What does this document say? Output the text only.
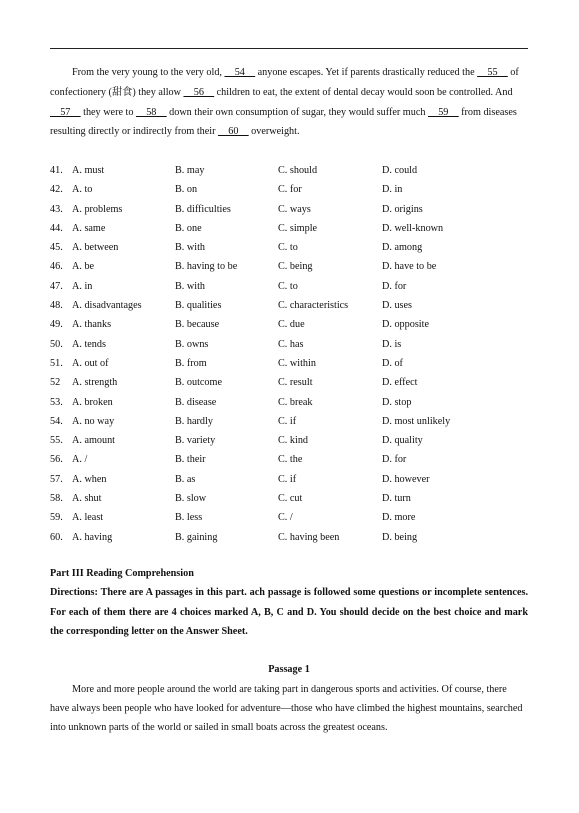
From the very young to the very old, __54__ anyone escapes. Yet if parents drastically reduced the __55__ of
confectionery (甜食) they allow __56__ children to eat, the extent of dental decay would soon be controlled. And
__57__ they were to __58__ down their own consumption of sugar, they would suffer much __59__ from diseases
resulting directly or indirectly from their __60__ overweight.
41. A. must	B. may	C. should	D. could
42. A. to	B. on	C. for	D. in
43. A. problems	B. difficulties	C. ways	D. origins
44. A. same	B. one	C. simple	D. well-known
45. A. between	B. with	C. to	D. among
46. A. be	B. having to be	C. being	D. have to be
47. A. in	B. with	C. to	D. for
48. A. disadvantages	B. qualities	C. characteristics	D. uses
49. A. thanks	B. because	C. due	D. opposite
50. A. tends	B. owns	C. has	D. is
51. A. out of	B. from	C. within	D. of
52 A. strength	B. outcome	C. result	D. effect
53. A. broken	B. disease	C. break	D. stop
54. A. no way	B. hardly	C. if	D. most unlikely
55. A. amount	B. variety	C. kind	D. quality
56. A. /	B. their	C. the	D. for
57. A. when	B. as	C. if	D. however
58. A. shut	B. slow	C. cut	D. turn
59. A. least	B. less	C. /	D. more
60. A. having	B. gaining	C. having been	D. being
Part III Reading Comprehension
Directions: There are A passages in this part. ach passage is followed some questions or incomplete sentences. For each of them there are 4 choices marked A, B, C and D. You should decide on the best choice and mark the corresponding letter on the Answer Sheet.
Passage 1
More and more people around the world are taking part in dangerous sports and activities. Of course, there
have always been people who have looked for adventure—those who have climbed the highest mountains, searched
into unknown parts of the world or sailed in small boats across the greatest oceans.
